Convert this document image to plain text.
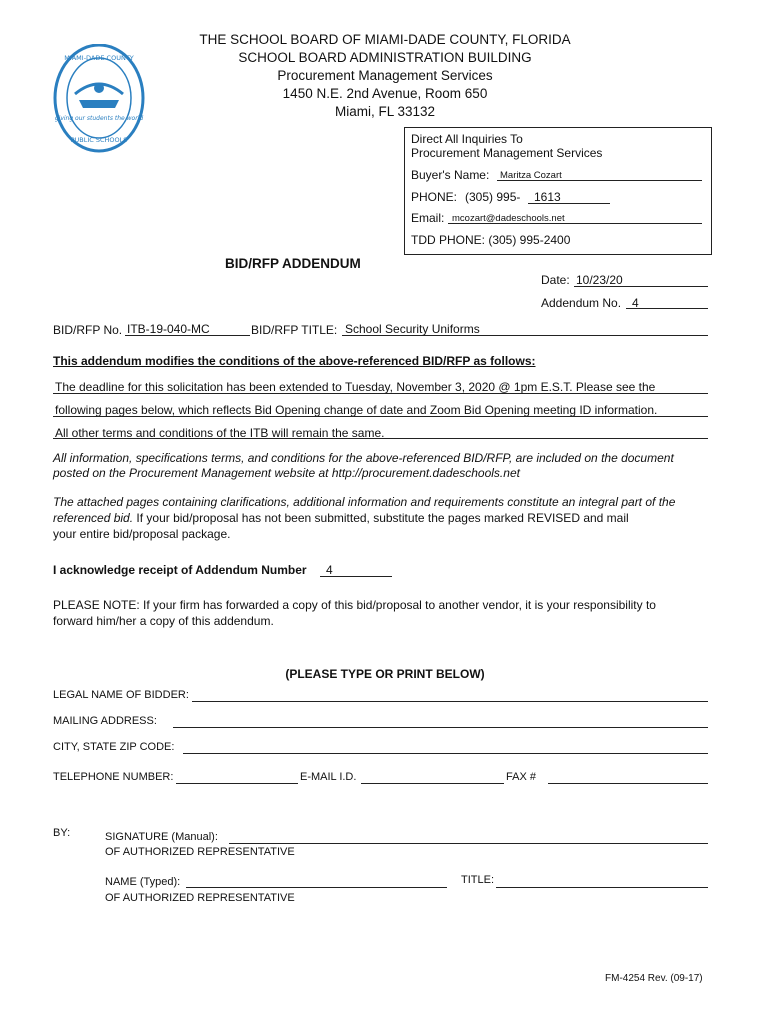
giving our students the world
MIAMI-DADE COUNTY
PUBLIC SCHOOLS
THE SCHOOL BOARD OF MIAMI-DADE COUNTY, FLORIDA
SCHOOL BOARD ADMINISTRATION BUILDING
Procurement Management Services
1450 N.E. 2nd Avenue, Room 650
Miami, FL 33132
Direct All Inquiries To
Procurement Management Services
Buyer's Name: Maritza Cozart
PHONE: (305) 995- 1613
Email: mcozart@dadeschools.net
TDD PHONE: (305) 995-2400
BID/RFP ADDENDUM
Date: 10/23/20
Addendum No. 4
BID/RFP No. ITB-19-040-MC	BID/RFP TITLE: School Security Uniforms
This addendum modifies the conditions of the above-referenced BID/RFP as follows:
The deadline for this solicitation has been extended to Tuesday, November 3, 2020 @ 1pm E.S.T. Please see the
following pages below, which reflects Bid Opening change of date and Zoom Bid Opening meeting ID information.
All other terms and conditions of the ITB will remain the same.
All information, specifications terms, and conditions for the above-referenced BID/RFP, are included on the document
posted on the Procurement Management website at http://procurement.dadeschools.net
The attached pages containing clarifications, additional information and requirements constitute an integral part of the
referenced bid. If your bid/proposal has not been submitted, substitute the pages marked REVISED and mail
your entire bid/proposal package.
I acknowledge receipt of Addendum Number 4
PLEASE NOTE: If your firm has forwarded a copy of this bid/proposal to another vendor, it is your responsibility to
forward him/her a copy of this addendum.
(PLEASE TYPE OR PRINT BELOW)
LEGAL NAME OF BIDDER:
MAILING ADDRESS:
CITY, STATE ZIP CODE:
TELEPHONE NUMBER:	E-MAIL I.D.	FAX #
BY:	SIGNATURE (Manual):
OF AUTHORIZED REPRESENTATIVE
NAME (Typed):	TITLE:
OF AUTHORIZED REPRESENTATIVE
FM-4254 Rev. (09-17)
